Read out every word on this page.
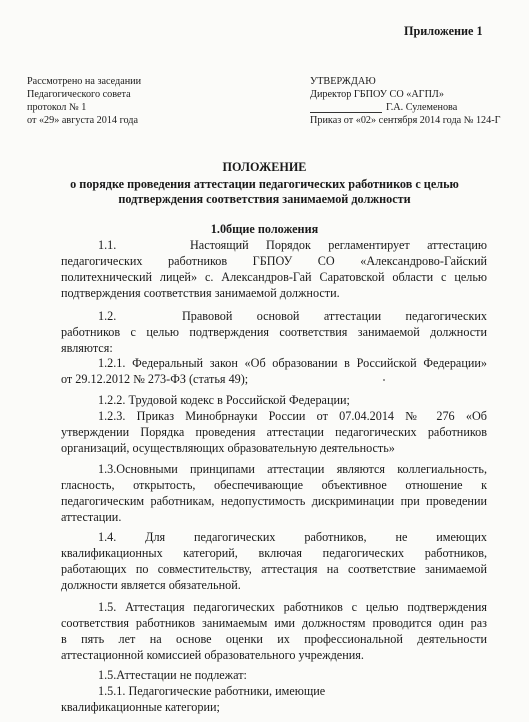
Приложение 1
Рассмотрено на заседании
Педагогического совета
протокол № 1
от «29» августа 2014 года
УТВЕРЖДАЮ
Директор ГБПОУ СО «АГПЛ»
Г.А. Сулеменова
Приказ от «02» сентября 2014 года № 124-Г
ПОЛОЖЕНИЕ
о порядке проведения аттестации педагогических работников с целью
подтверждения соответствия занимаемой должности
1.0бщие положения
1.1.	Настоящий Порядок регламентирует аттестацию
педагогических работников ГБПОУ СО «Александрово-Гайский
политехнический лицей» с. Александров-Гай Саратовской области с целью
подтверждения соответствия занимаемой должности.
1.2.	Правовой основой аттестации педагогических
работников с целью подтверждения соответствия занимаемой должности
являются:
1.2.1. Федеральный закон «Об образовании в Российской Федерации»
от 29.12.2012 № 273-ФЗ (статья 49);
1.2.2. Трудовой кодекс в Российской Федерации;
1.2.3. Приказ Минобрнауки России от 07.04.2014 № 276 «Об
утверждении Порядка проведения аттестации педагогических работников
организаций, осуществляющих образовательную деятельность»
1.3.Основными принципами аттестации являются коллегиальность,
гласность, открытость, обеспечивающие объективное отношение к
педагогическим работникам, недопустимость дискриминации при проведении
аттестации.
1.4. Для педагогических работников, не имеющих
квалификационных категорий, включая педагогических работников,
работающих по совместительству, аттестация на соответствие занимаемой
должности является обязательной.
1.5. Аттестация педагогических работников с целью подтверждения
соответствия работников занимаемым ими должностям проводится один раз
в пять лет на основе оценки их профессиональной деятельности
аттестационной комиссией образовательного учреждения.
1.5.Аттестации не подлежат:
1.5.1. Педагогические работники, имеющие
квалификационные категории;
